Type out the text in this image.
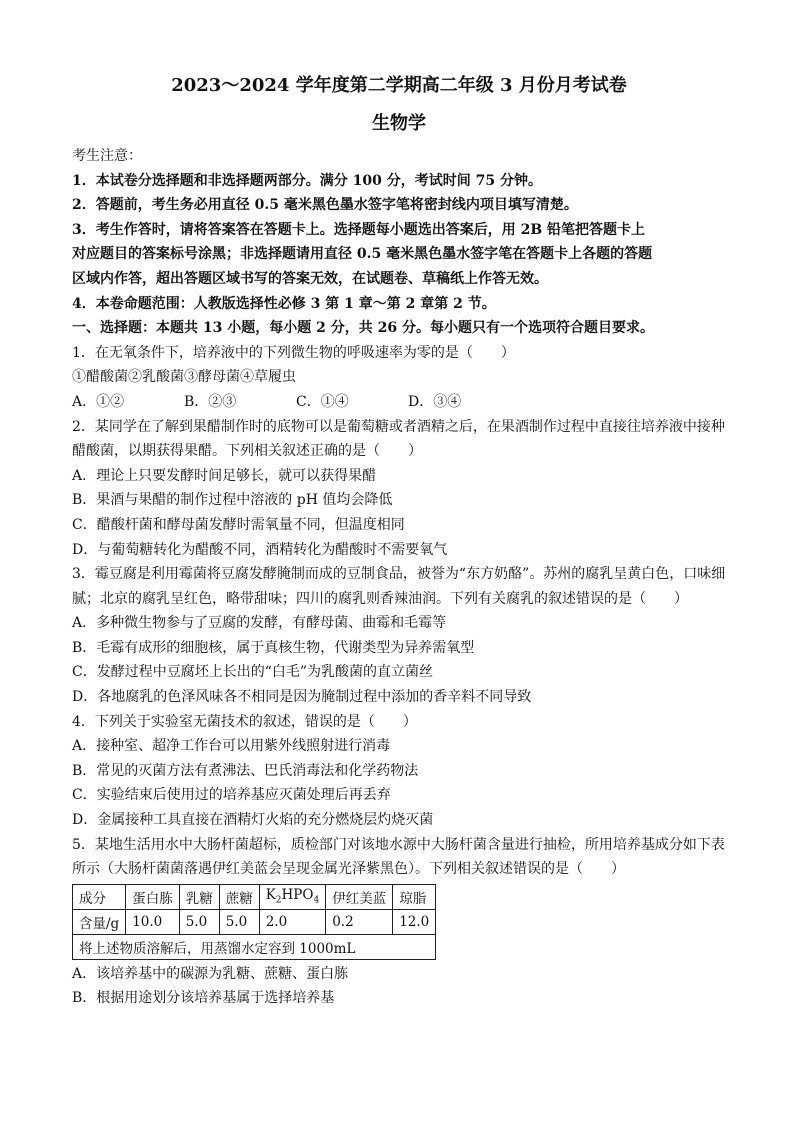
2023～2024 学年度第二学期高二年级 3 月份月考试卷
生物学
考生注意：
1．本试卷分选择题和非选择题两部分。满分 100 分，考试时间 75 分钟。
2．答题前，考生务必用直径 0.5 毫米黑色墨水签字笔将密封线内项目填写清楚。
3．考生作答时，请将答案答在答题卡上。选择题每小题选出答案后，用 2B 铅笔把答题卡上
对应题目的答案标号涂黑；非选择题请用直径 0.5 毫米黑色墨水签字笔在答题卡上各题的答题
区域内作答，超出答题区域书写的答案无效，在试题卷、草稿纸上作答无效。
4．本卷命题范围：人教版选择性必修 3 第 1 章～第 2 章第 2 节。
一、选择题：本题共 13 小题，每小题 2 分，共 26 分。每小题只有一个选项符合题目要求。
1．在无氧条件下，培养液中的下列微生物的呼吸速率为零的是（　　）
①醋酸菌②乳酸菌③酵母菌④草履虫
A．①②	B．②③	C．①④	D．③④
2．某同学在了解到果醋制作时的底物可以是葡萄糖或者酒精之后，在果酒制作过程中直接往培养液中接种
醋酸菌，以期获得果醋。下列相关叙述正确的是（　　）
A．理论上只要发酵时间足够长，就可以获得果醋
B．果酒与果醋的制作过程中溶液的 pH 值均会降低
C．醋酸杆菌和酵母菌发酵时需氧量不同，但温度相同
D．与葡萄糖转化为醋酸不同，酒精转化为醋酸时不需要氧气
3．霉豆腐是利用霉菌将豆腐发酵腌制而成的豆制食品，被誉为“东方奶酪”。苏州的腐乳呈黄白色，口味细
腻；北京的腐乳呈红色，略带甜味；四川的腐乳则香辣油润。下列有关腐乳的叙述错误的是（　　）
A．多种微生物参与了豆腐的发酵，有酵母菌、曲霉和毛霉等
B．毛霉有成形的细胞核，属于真核生物，代谢类型为异养需氧型
C．发酵过程中豆腐坯上长出的“白毛”为乳酸菌的直立菌丝
D．各地腐乳的色泽风味各不相同是因为腌制过程中添加的香辛料不同导致
4．下列关于实验室无菌技术的叙述，错误的是（　　）
A．接种室、超净工作台可以用紫外线照射进行消毒
B．常见的灭菌方法有煮沸法、巴氏消毒法和化学药物法
C．实验结束后使用过的培养基应灭菌处理后再丢弃
D．金属接种工具直接在酒精灯火焰的充分燃烧层灼烧灭菌
5．某地生活用水中大肠杆菌超标，质检部门对该地水源中大肠杆菌含量进行抽检，所用培养基成分如下表
所示（大肠杆菌菌落遇伊红美蓝会呈现金属光泽紫黑色）。下列相关叙述错误的是（　　）
成分	蛋白胨	乳糖	蔗糖	$K_2HPO_4$	伊红美蓝	琼脂
含量/g	10.0	5.0	5.0	2.0	0.2	12.0
将上述物质溶解后，用蒸馏水定容到 1000mL						
A．该培养基中的碳源为乳糖、蔗糖、蛋白胨
B．根据用途划分该培养基属于选择培养基
